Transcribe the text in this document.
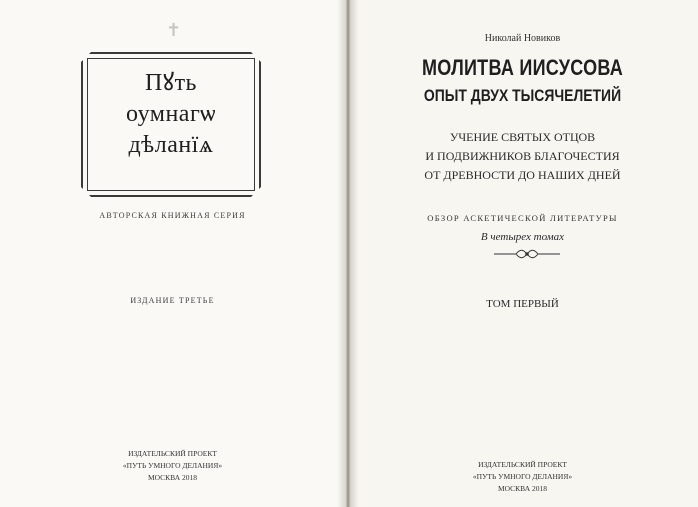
✝
Пꙋть
оумнагѡ
дѣланїѧ
АВТОРСКАЯ КНИЖНАЯ СЕРИЯ
ИЗДАНИЕ ТРЕТЬЕ
ИЗДАТЕЛЬСКИЙ ПРОЕКТ
«ПУТЬ УМНОГО ДЕЛАНИЯ»
МОСКВА 2018
Николай Новиков
МОЛИТВА ИИСУСОВА
ОПЫТ ДВУХ ТЫСЯЧЕЛЕТИЙ
УЧЕНИЕ СВЯТЫХ ОТЦОВ
И ПОДВИЖНИКОВ БЛАГОЧЕСТИЯ
ОТ ДРЕВНОСТИ ДО НАШИХ ДНЕЙ
ОБЗОР АСКЕТИЧЕСКОЙ ЛИТЕРАТУРЫ
В четырех томах
ТОМ ПЕРВЫЙ
ИЗДАТЕЛЬСКИЙ ПРОЕКТ
«ПУТЬ УМНОГО ДЕЛАНИЯ»
МОСКВА 2018
